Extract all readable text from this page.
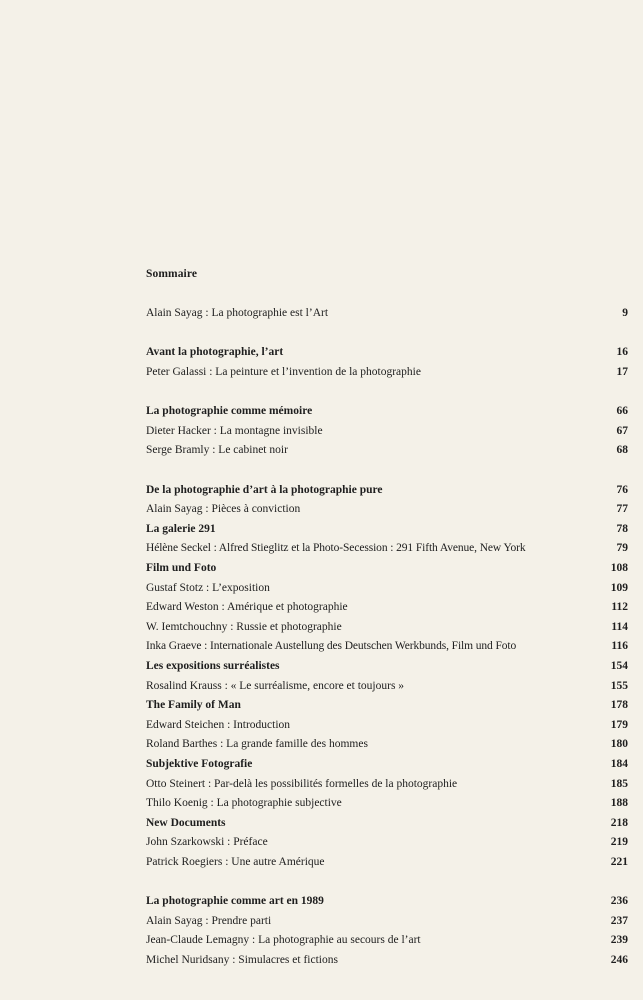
Sommaire
Alain Sayag : La photographie est l’Art	9
Avant la photographie, l’art	16
Peter Galassi : La peinture et l’invention de la photographie	17
La photographie comme mémoire	66
Dieter Hacker : La montagne invisible	67
Serge Bramly : Le cabinet noir	68
De la photographie d’art à la photographie pure	76
Alain Sayag : Pièces à conviction	77
La galerie 291	78
Hélène Seckel : Alfred Stieglitz et la Photo-Secession : 291 Fifth Avenue, New York	79
Film und Foto	108
Gustaf Stotz : L’exposition	109
Edward Weston : Amérique et photographie	112
W. Iemtchouchny : Russie et photographie	114
Inka Graeve : Internationale Austellung des Deutschen Werkbunds, Film und Foto	116
Les expositions surréalistes	154
Rosalind Krauss : « Le surréalisme, encore et toujours »	155
The Family of Man	178
Edward Steichen : Introduction	179
Roland Barthes : La grande famille des hommes	180
Subjektive Fotografie	184
Otto Steinert : Par-delà les possibilités formelles de la photographie	185
Thilo Koenig : La photographie subjective	188
New Documents	218
John Szarkowski : Préface	219
Patrick Roegiers : Une autre Amérique	221
La photographie comme art en 1989	236
Alain Sayag : Prendre parti	237
Jean-Claude Lemagny : La photographie au secours de l’art	239
Michel Nuridsany : Simulacres et fictions	246
